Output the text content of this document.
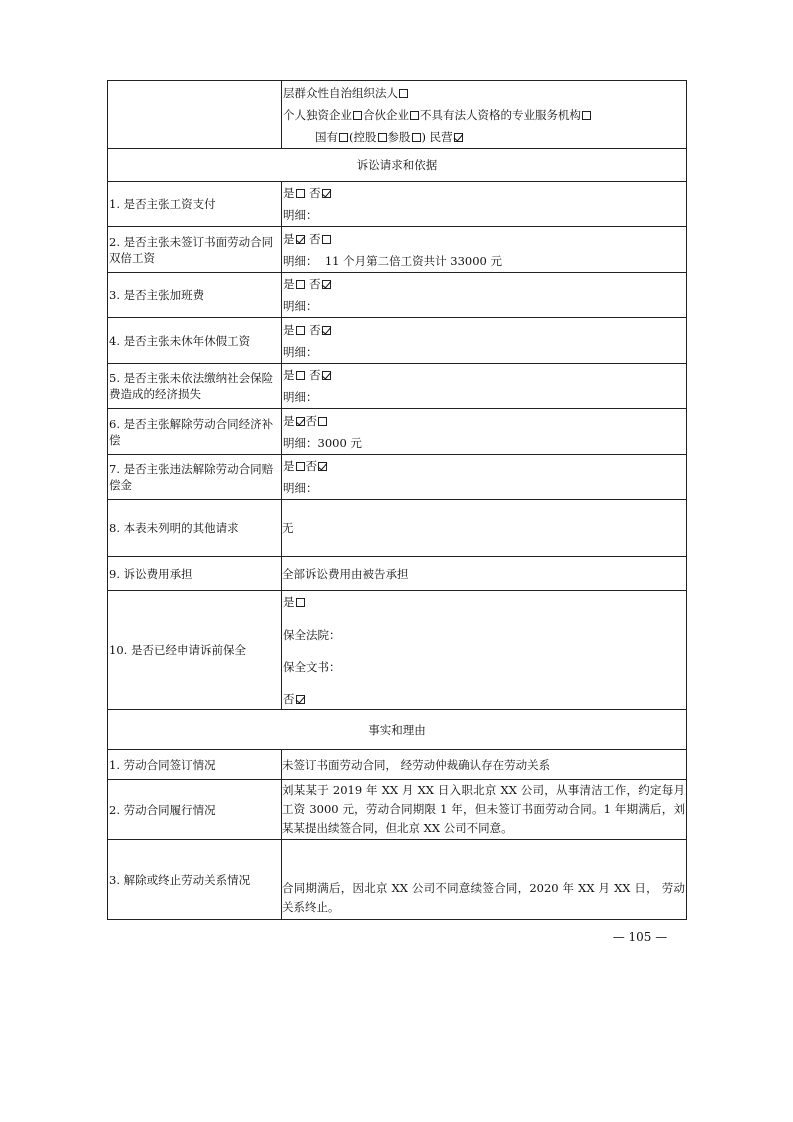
	层群众性自治组织法人
个人独资企业 合伙企业 不具有法人资格的专业服务机构
国有 (控股 参股 ) 民营

诉讼请求和依据	
1. 是否主张工资支付	是 否
明细：

2. 是否主张未签订书面劳动合同双倍工资	是 否
明细： 11 个月第二倍工资共计 33000 元

3. 是否主张加班费	是 否
明细：

4. 是否主张未休年休假工资	是 否
明细：

5. 是否主张未依法缴纳社会保险费造成的经济损失	是 否
明细：

6. 是否主张解除劳动合同经济补偿	是 否
明细：3000 元

7. 是否主张违法解除劳动合同赔偿金	是 否
明细：

8. 本表未列明的其他请求	无
9. 诉讼费用承担	全部诉讼费用由被告承担
10. 是否已经申请诉前保全	是
保全法院：
保全文书：
否

事实和理由	
1. 劳动合同签订情况	未签订书面劳动合同， 经劳动仲裁确认存在劳动关系
2. 劳动合同履行情况	刘某某于 2019 年 XX 月 XX 日入职北京 XX 公司，从事清洁工作，约定每月工资 3000 元，劳动合同期限 1 年，但未签订书面劳动合同。1 年期满后，刘某某提出续签合同，但北京 XX 公司不同意。
3. 解除或终止劳动关系情况	合同期满后，因北京 XX 公司不同意续签合同，2020 年 XX 月 XX 日， 劳动关系终止。
— 105 —
